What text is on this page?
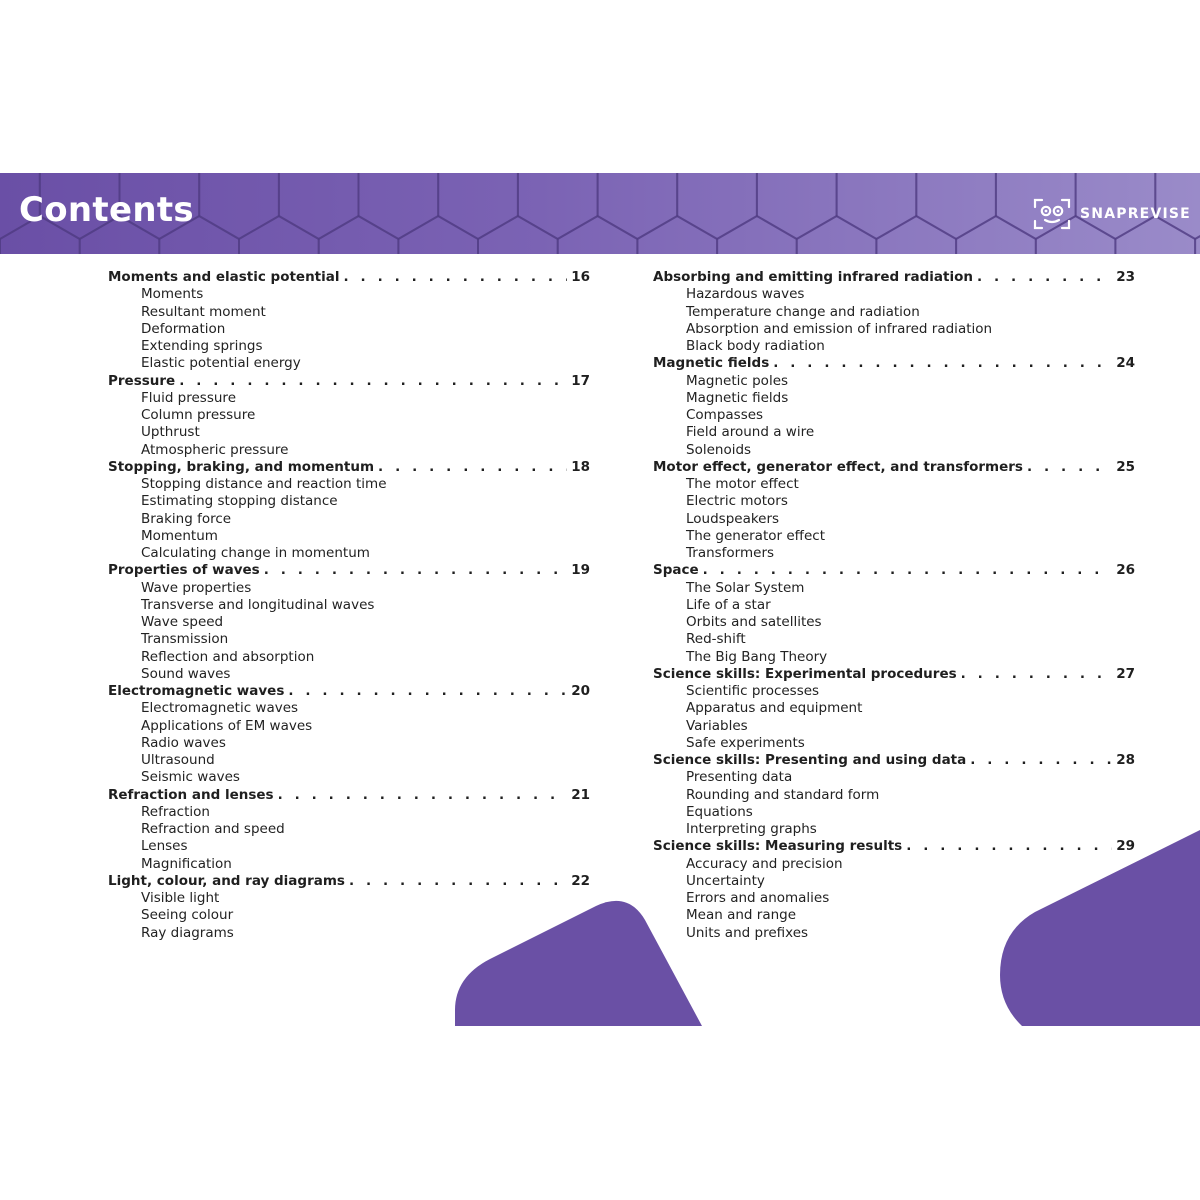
Contents	SNAPREVISE
Moments and elastic potential . . .	16
Moments
Resultant moment
Deformation
Extending springs
Elastic potential energy
Pressure . . .	17
Fluid pressure
Column pressure
Upthrust
Atmospheric pressure
Stopping, braking, and momentum . . .	18
Stopping distance and reaction time
Estimating stopping distance
Braking force
Momentum
Calculating change in momentum
Properties of waves . . .	19
Wave properties
Transverse and longitudinal waves
Wave speed
Transmission
Reflection and absorption
Sound waves
Electromagnetic waves . . .	20
Electromagnetic waves
Applications of EM waves
Radio waves
Ultrasound
Seismic waves
Refraction and lenses . . .	21
Refraction
Refraction and speed
Lenses
Magnification
Light, colour, and ray diagrams . . .	22
Visible light
Seeing colour
Ray diagrams
Absorbing and emitting infrared radiation . . .	23
Hazardous waves
Temperature change and radiation
Absorption and emission of infrared radiation
Black body radiation
Magnetic fields . . .	24
Magnetic poles
Magnetic fields
Compasses
Field around a wire
Solenoids
Motor effect, generator effect, and transformers . . .	25
The motor effect
Electric motors
Loudspeakers
The generator effect
Transformers
Space . . .	26
The Solar System
Life of a star
Orbits and satellites
Red-shift
The Big Bang Theory
Science skills: Experimental procedures . . .	27
Scientific processes
Apparatus and equipment
Variables
Safe experiments
Science skills: Presenting and using data . . .	28
Presenting data
Rounding and standard form
Equations
Interpreting graphs
Science skills: Measuring results . . .	29
Accuracy and precision
Uncertainty
Errors and anomalies
Mean and range
Units and prefixes
